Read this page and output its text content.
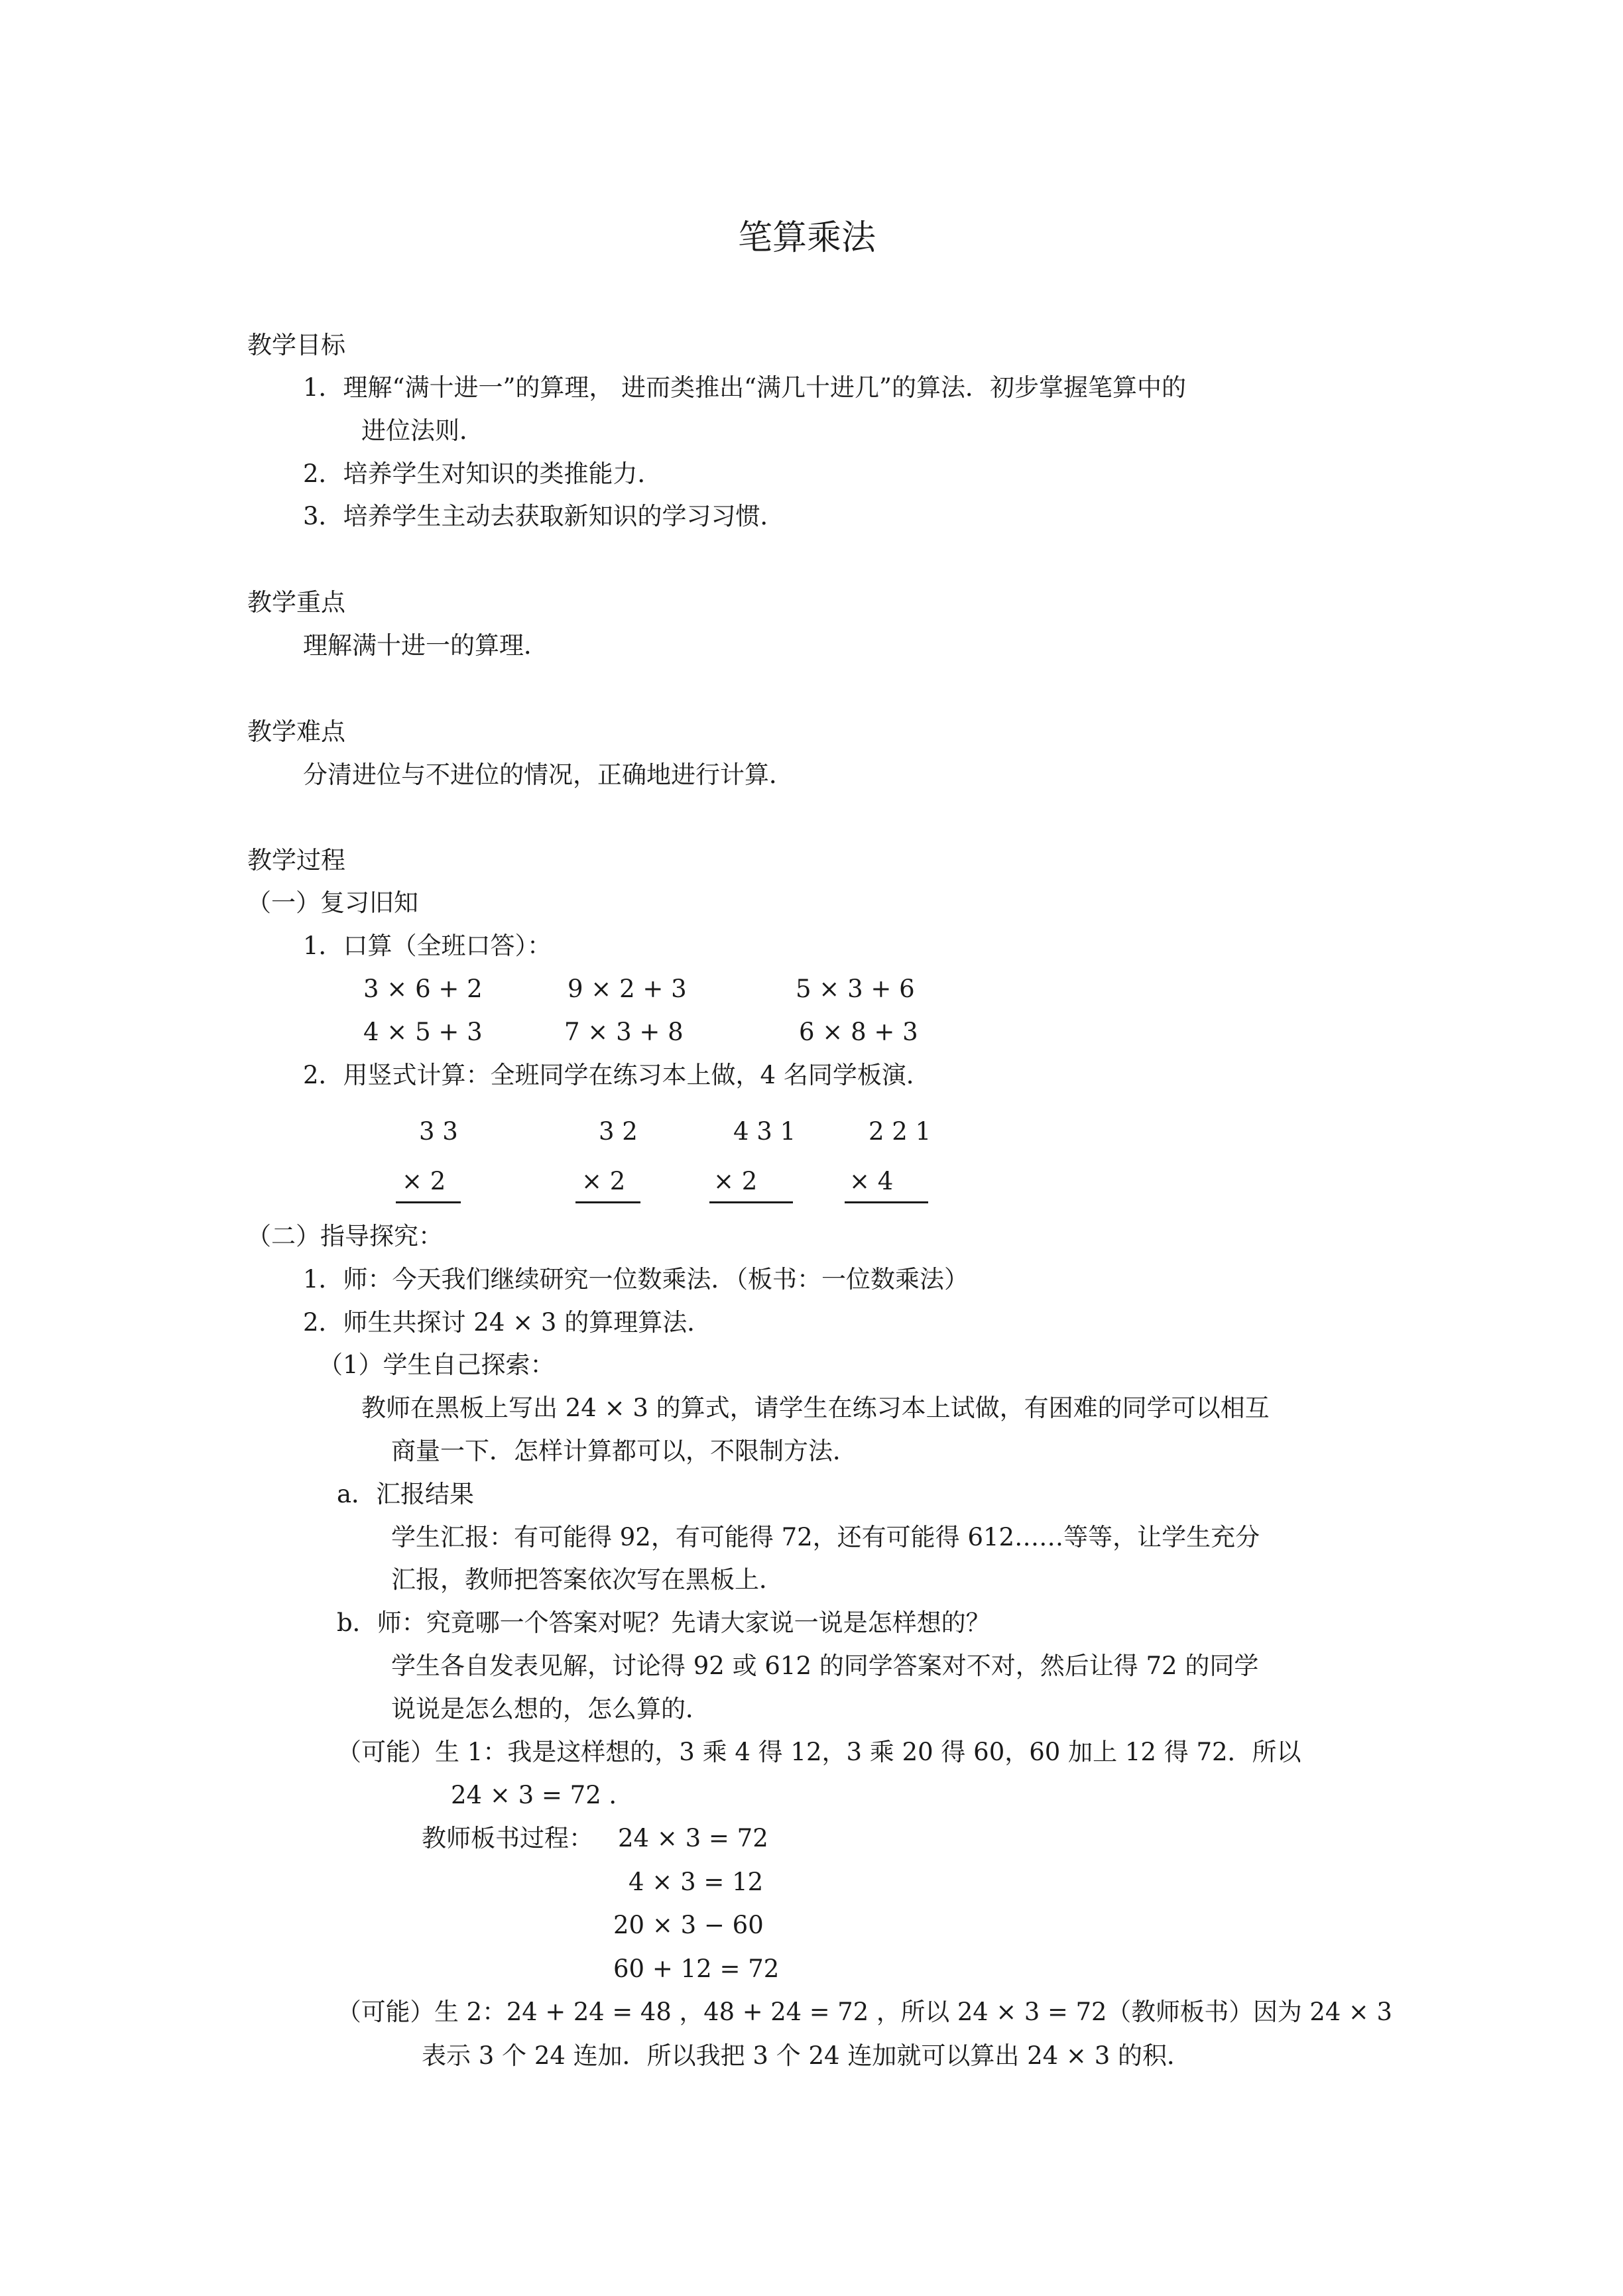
笔算乘法
教学目标
1．理解“满十进一”的算理， 进而类推出“满几十进几”的算法．初步掌握笔算中的
进位法则．
2．培养学生对知识的类推能力．
3．培养学生主动去获取新知识的学习习惯．
教学重点
理解满十进一的算理．
教学难点
分清进位与不进位的情况，正确地进行计算．
教学过程
（一）复习旧知
1．口算（全班口答）：
3 × 6 + 2	9 × 2 + 3	5 × 3 + 6
4 × 5 + 3	7 × 3 + 8	6 × 8 + 3
2．用竖式计算：全班同学在练习本上做，4 名同学板演．
3 3
× 2
3 2
× 2
4 3 1
× 2
2 2 1
× 4
（二）指导探究：
1．师：今天我们继续研究一位数乘法．（板书：一位数乘法）
2．师生共探讨 24 × 3 的算理算法．
（1）学生自己探索：
教师在黑板上写出 24 × 3 的算式，请学生在练习本上试做，有困难的同学可以相互
商量一下．怎样计算都可以，不限制方法．
a．汇报结果
学生汇报：有可能得 92，有可能得 72，还有可能得 612……等等，让学生充分
汇报，教师把答案依次写在黑板上．
b．师：究竟哪一个答案对呢？先请大家说一说是怎样想的？
学生各自发表见解，讨论得 92 或 612 的同学答案对不对，然后让得 72 的同学
说说是怎么想的，怎么算的．
（可能）生 1：我是这样想的，3 乘 4 得 12，3 乘 20 得 60，60 加上 12 得 72．所以
24 × 3 = 72 ．
教师板书过程： 24 × 3 = 72
4 × 3 = 12
20 × 3 − 60
60 + 12 = 72
（可能）生 2：24 + 24 = 48 ，48 + 24 = 72 ，所以 24 × 3 = 72（教师板书）因为 24 × 3
表示 3 个 24 连加．所以我把 3 个 24 连加就可以算出 24 × 3 的积．
